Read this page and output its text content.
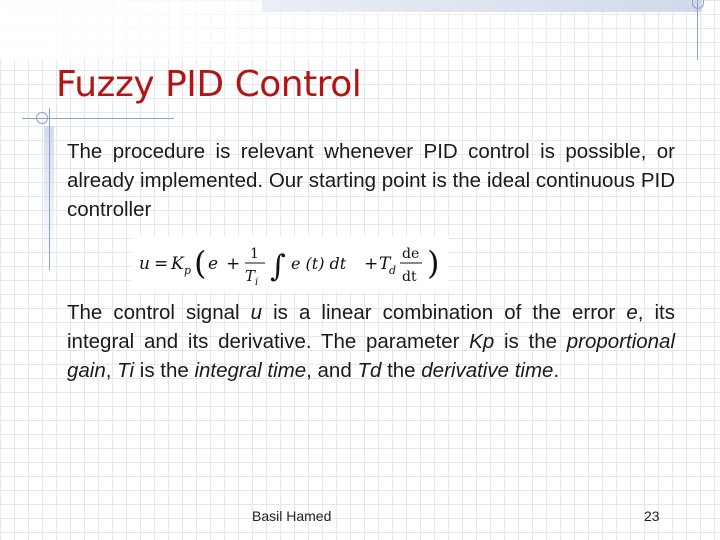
Fuzzy PID Control

The procedure is relevant whenever PID control is possible, or already implemented. Our starting point is the ideal continuous PID controller

u = K p ( e + 1
T i ∫ e (t) dt + T
d
de
dt )

The control signal u is a linear combination of the error e, its integral and its derivative. The parameter Kp is the proportional gain, Ti is the integral time, and Td the derivative time.

Basil Hamed	23
